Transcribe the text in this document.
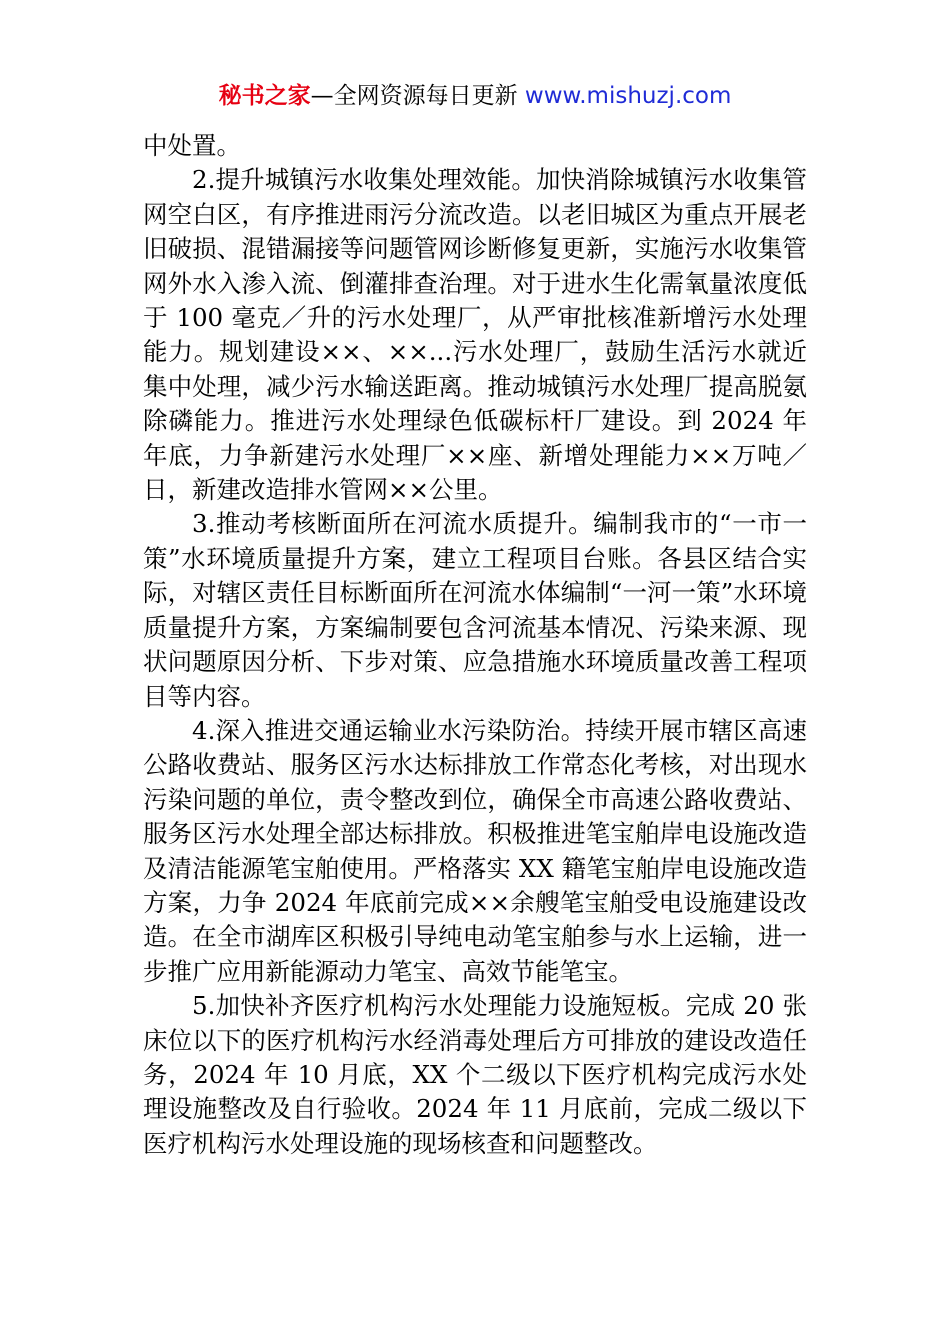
秘书之家—全网资源每日更新 www.mishuzj.com

中处置。

2.提升城镇污水收集处理效能。加快消除城镇污水收集管网空白区，有序推进雨污分流改造。以老旧城区为重点开展老旧破损、混错漏接等问题管网诊断修复更新，实施污水收集管网外水入渗入流、倒灌排查治理。对于进水生化需氧量浓度低于 100 毫克／升的污水处理厂，从严审批核准新增污水处理能力。规划建设××、××...污水处理厂，鼓励生活污水就近集中处理，减少污水输送距离。推动城镇污水处理厂提高脱氨除磷能力。推进污水处理绿色低碳标杆厂建设。到 2024 年年底，力争新建污水处理厂××座、新增处理能力××万吨／日，新建改造排水管网××公里。

3.推动考核断面所在河流水质提升。编制我市的“一市一策”水环境质量提升方案，建立工程项目台账。各县区结合实际，对辖区责任目标断面所在河流水体编制“一河一策”水环境质量提升方案，方案编制要包含河流基本情况、污染来源、现状问题原因分析、下步对策、应急措施水环境质量改善工程项目等内容。

4.深入推进交通运输业水污染防治。持续开展市辖区高速公路收费站、服务区污水达标排放工作常态化考核，对出现水污染问题的单位，责令整改到位，确保全市高速公路收费站、服务区污水处理全部达标排放。积极推进笔宝舶岸电设施改造及清洁能源笔宝舶使用。严格落实 XX 籍笔宝舶岸电设施改造方案，力争 2024 年底前完成××余艘笔宝舶受电设施建设改造。在全市湖库区积极引导纯电动笔宝舶参与水上运输，进一步推广应用新能源动力笔宝、高效节能笔宝。

5.加快补齐医疗机构污水处理能力设施短板。完成 20 张床位以下的医疗机构污水经消毒处理后方可排放的建设改造任务，2024 年 10 月底，XX 个二级以下医疗机构完成污水处理设施整改及自行验收。2024 年 11 月底前，完成二级以下医疗机构污水处理设施的现场核查和问题整改。
